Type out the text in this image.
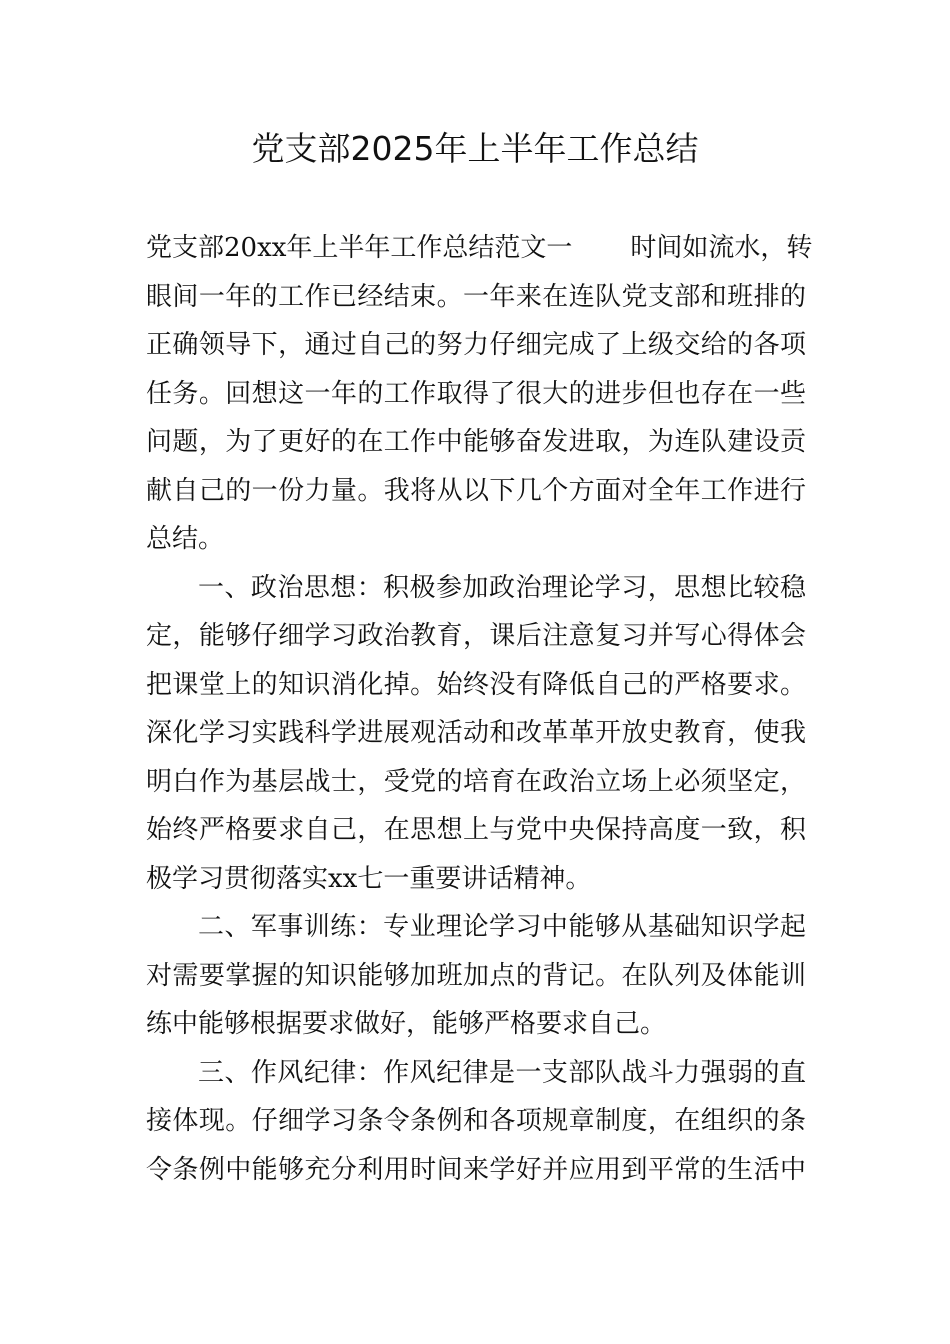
党支部2025年上半年工作总结
党支部20xx年上半年工作总结范文一 时间如流水，转
眼间一年的工作已经结束。一年来在连队党支部和班排的
正确领导下，通过自己的努力仔细完成了上级交给的各项
任务。回想这一年的工作取得了很大的进步但也存在一些
问题，为了更好的在工作中能够奋发进取，为连队建设贡
献自己的一份力量。我将从以下几个方面对全年工作进行
总结。
一、政治思想：积极参加政治理论学习，思想比较稳
定，能够仔细学习政治教育，课后注意复习并写心得体会
把课堂上的知识消化掉。始终没有降低自己的严格要求。
深化学习实践科学进展观活动和改革革开放史教育，使我
明白作为基层战士，受党的培育在政治立场上必须坚定，
始终严格要求自己，在思想上与党中央保持高度一致，积
极学习贯彻落实xx七一重要讲话精神。
二、军事训练：专业理论学习中能够从基础知识学起
对需要掌握的知识能够加班加点的背记。在队列及体能训
练中能够根据要求做好，能够严格要求自己。
三、作风纪律：作风纪律是一支部队战斗力强弱的直
接体现。仔细学习条令条例和各项规章制度，在组织的条
令条例中能够充分利用时间来学好并应用到平常的生活中
